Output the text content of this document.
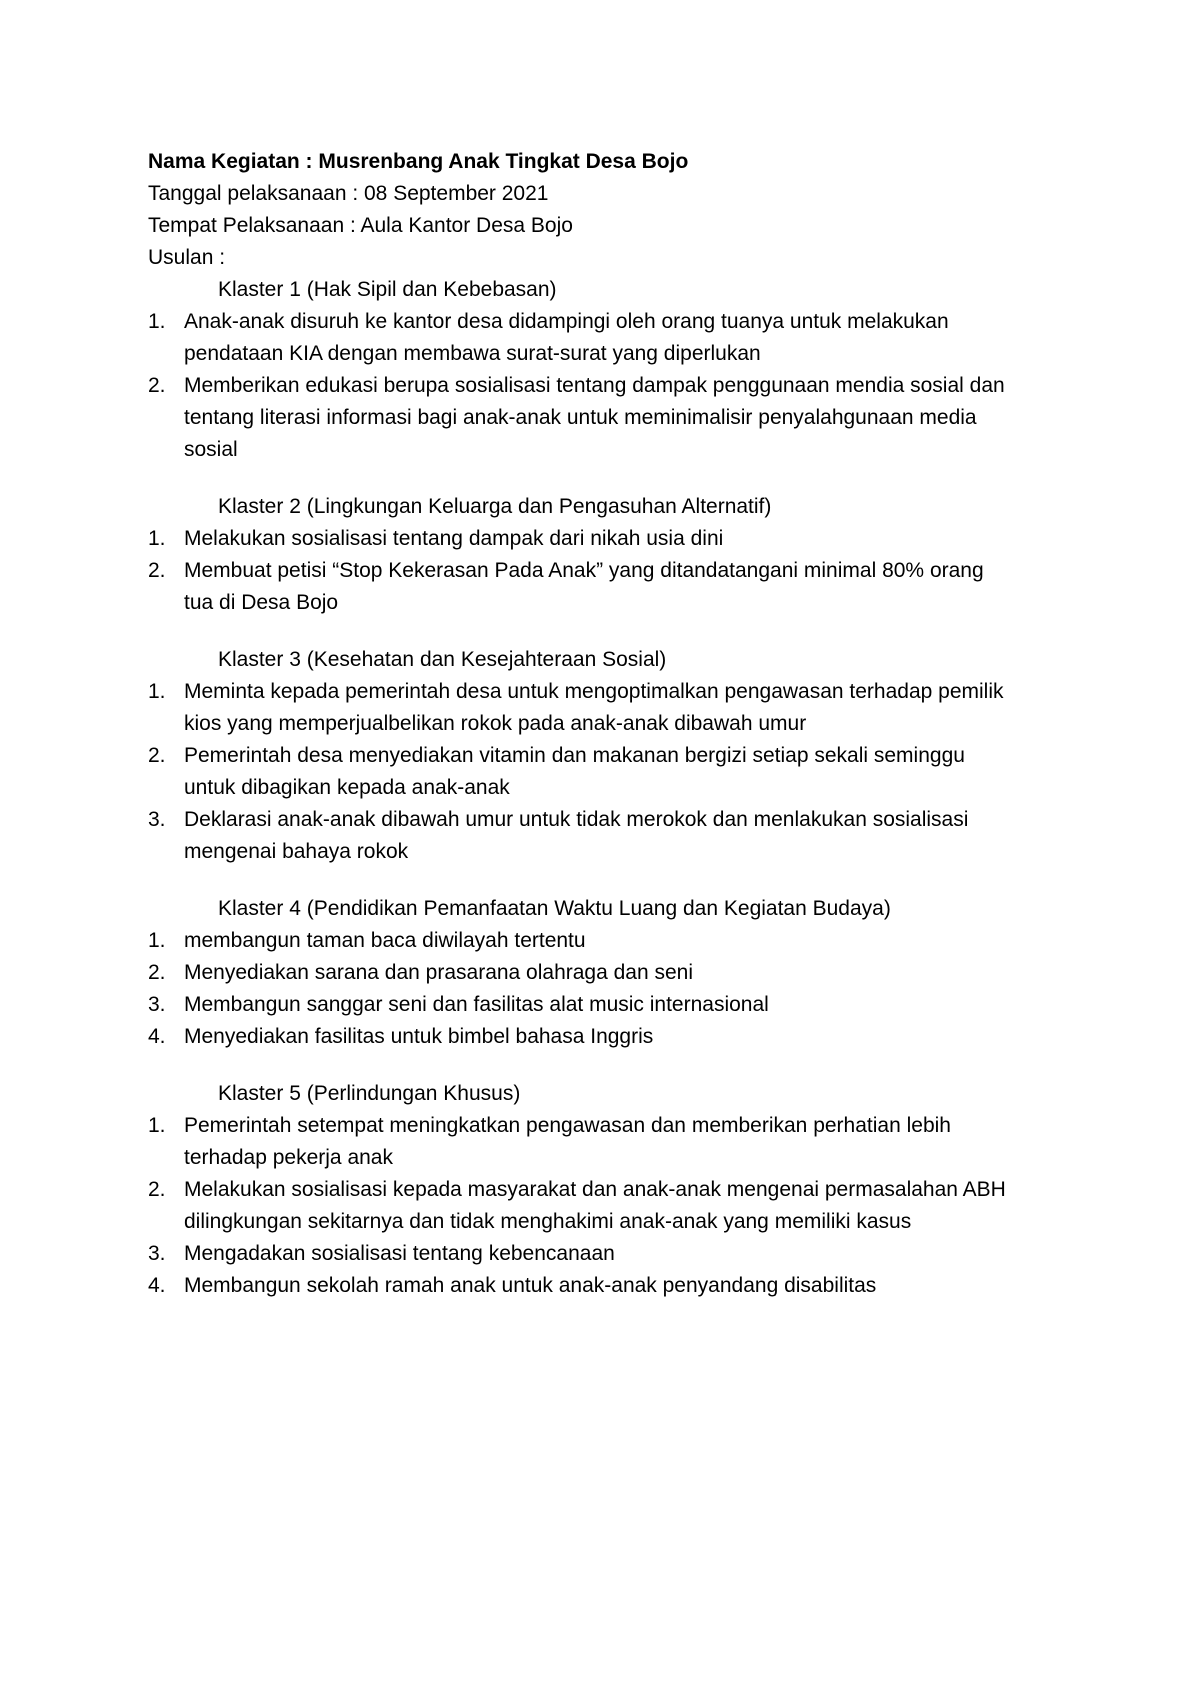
Nama Kegiatan : Musrenbang Anak Tingkat Desa Bojo
Tanggal pelaksanaan : 08 September 2021
Tempat Pelaksanaan : Aula Kantor Desa Bojo
Usulan :
Klaster 1 (Hak Sipil dan Kebebasan)
1. Anak-anak disuruh ke kantor desa didampingi oleh orang tuanya untuk melakukan
pendataan KIA dengan membawa surat-surat yang diperlukan
2. Memberikan edukasi berupa sosialisasi tentang dampak penggunaan mendia sosial dan
tentang literasi informasi bagi anak-anak untuk meminimalisir penyalahgunaan media
sosial
Klaster 2 (Lingkungan Keluarga dan Pengasuhan Alternatif)
1. Melakukan sosialisasi tentang dampak dari nikah usia dini
2. Membuat petisi “Stop Kekerasan Pada Anak” yang ditandatangani minimal 80% orang
tua di Desa Bojo
Klaster 3 (Kesehatan dan Kesejahteraan Sosial)
1. Meminta kepada pemerintah desa untuk mengoptimalkan pengawasan terhadap pemilik
kios yang memperjualbelikan rokok pada anak-anak dibawah umur
2. Pemerintah desa menyediakan vitamin dan makanan bergizi setiap sekali seminggu
untuk dibagikan kepada anak-anak
3. Deklarasi anak-anak dibawah umur untuk tidak merokok dan menlakukan sosialisasi
mengenai bahaya rokok
Klaster 4 (Pendidikan Pemanfaatan Waktu Luang dan Kegiatan Budaya)
1. membangun taman baca diwilayah tertentu
2. Menyediakan sarana dan prasarana olahraga dan seni
3. Membangun sanggar seni dan fasilitas alat music internasional
4. Menyediakan fasilitas untuk bimbel bahasa Inggris
Klaster 5 (Perlindungan Khusus)
1. Pemerintah setempat meningkatkan pengawasan dan memberikan perhatian lebih
terhadap pekerja anak
2. Melakukan sosialisasi kepada masyarakat dan anak-anak mengenai permasalahan ABH
dilingkungan sekitarnya dan tidak menghakimi anak-anak yang memiliki kasus
3. Mengadakan sosialisasi tentang kebencanaan
4. Membangun sekolah ramah anak untuk anak-anak penyandang disabilitas
